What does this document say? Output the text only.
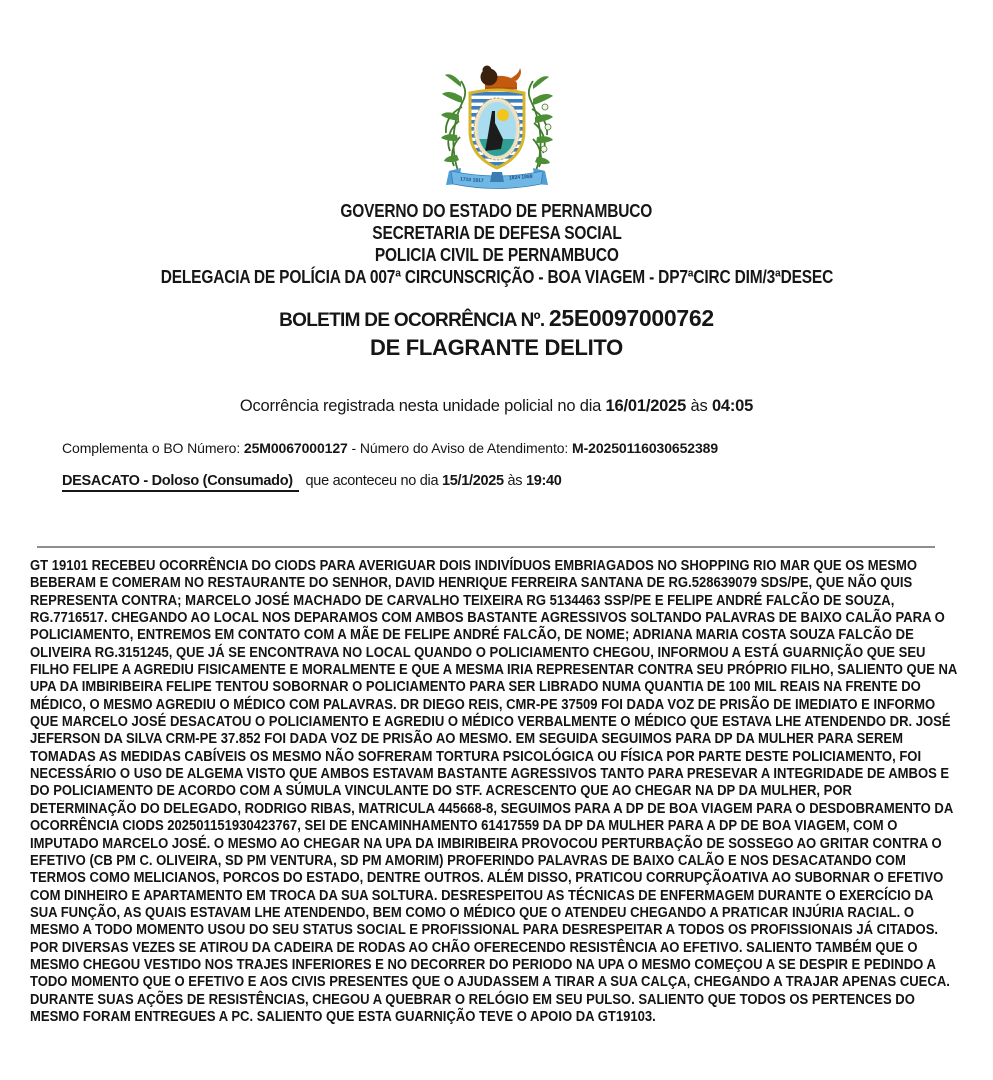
1710 1817	1824 1889
GOVERNO DO ESTADO DE PERNAMBUCO
SECRETARIA DE DEFESA SOCIAL
POLICIA CIVIL DE PERNAMBUCO
DELEGACIA DE POLÍCIA DA 007ª CIRCUNSCRIÇÃO - BOA VIAGEM - DP7ªCIRC DIM/3ªDESEC
BOLETIM DE OCORRÊNCIA Nº. 25E0097000762
DE FLAGRANTE DELITO
Ocorrência registrada nesta unidade policial no dia 16/01/2025 às 04:05
Complementa o BO Número: 25M0067000127 - Número do Aviso de Atendimento: M-20250116030652389
DESACATO - Doloso (Consumado) que aconteceu no dia 15/1/2025 às 19:40
GT 19101 RECEBEU OCORRÊNCIA DO CIODS PARA AVERIGUAR DOIS INDIVÍDUOS EMBRIAGADOS NO SHOPPING RIO MAR QUE OS MESMO BEBERAM E COMERAM NO RESTAURANTE DO SENHOR, DAVID HENRIQUE FERREIRA SANTANA DE RG.528639079 SDS/PE, QUE NÃO QUIS REPRESENTA CONTRA; MARCELO JOSÉ MACHADO DE CARVALHO TEIXEIRA RG 5134463 SSP/PE E FELIPE ANDRÉ FALCÃO DE SOUZA, RG.7716517. CHEGANDO AO LOCAL NOS DEPARAMOS COM AMBOS BASTANTE AGRESSIVOS SOLTANDO PALAVRAS DE BAIXO CALÃO PARA O POLICIAMENTO, ENTREMOS EM CONTATO COM A MÃE DE FELIPE ANDRÉ FALCÃO, DE NOME; ADRIANA MARIA COSTA SOUZA FALCÃO DE OLIVEIRA RG.3151245, QUE JÁ SE ENCONTRAVA NO LOCAL QUANDO O POLICIAMENTO CHEGOU, INFORMOU A ESTÁ GUARNIÇÃO QUE SEU FILHO FELIPE A AGREDIU FISICAMENTE E MORALMENTE E QUE A MESMA IRIA REPRESENTAR CONTRA SEU PRÓPRIO FILHO, SALIENTO QUE NA UPA DA IMBIRIBEIRA FELIPE TENTOU SOBORNAR O POLICIAMENTO PARA SER LIBRADO NUMA QUANTIA DE 100 MIL REAIS NA FRENTE DO MÉDICO, O MESMO AGREDIU O MÉDICO COM PALAVRAS. DR DIEGO REIS, CMR-PE 37509 FOI DADA VOZ DE PRISÃO DE IMEDIATO E INFORMO QUE MARCELO JOSÉ DESACATOU O POLICIAMENTO E AGREDIU O MÉDICO VERBALMENTE O MÉDICO QUE ESTAVA LHE ATENDENDO DR. JOSÉ JEFERSON DA SILVA CRM-PE 37.852 FOI DADA VOZ DE PRISÃO AO MESMO. EM SEGUIDA SEGUIMOS PARA DP DA MULHER PARA SEREM TOMADAS AS MEDIDAS CABÍVEIS OS MESMO NÃO SOFRERAM TORTURA PSICOLÓGICA OU FÍSICA POR PARTE DESTE POLICIAMENTO, FOI NECESSÁRIO O USO DE ALGEMA VISTO QUE AMBOS ESTAVAM BASTANTE AGRESSIVOS TANTO PARA PRESEVAR A INTEGRIDADE DE AMBOS E DO POLICIAMENTO DE ACORDO COM A SÚMULA VINCULANTE DO STF. ACRESCENTO QUE AO CHEGAR NA DP DA MULHER, POR DETERMINAÇÃO DO DELEGADO, RODRIGO RIBAS, MATRICULA 445668-8, SEGUIMOS PARA A DP DE BOA VIAGEM PARA O DESDOBRAMENTO DA OCORRÊNCIA CIODS 202501151930423767, SEI DE ENCAMINHAMENTO 61417559 DA DP DA MULHER PARA A DP DE BOA VIAGEM, COM O IMPUTADO MARCELO JOSÉ. O MESMO AO CHEGAR NA UPA DA IMBIRIBEIRA PROVOCOU PERTURBAÇÃO DE SOSSEGO AO GRITAR CONTRA O EFETIVO (CB PM C. OLIVEIRA, SD PM VENTURA, SD PM AMORIM) PROFERINDO PALAVRAS DE BAIXO CALÃO E NOS DESACATANDO COM TERMOS COMO MELICIANOS, PORCOS DO ESTADO, DENTRE OUTROS. ALÉM DISSO, PRATICOU CORRUPÇÃOATIVA AO SUBORNAR O EFETIVO COM DINHEIRO E APARTAMENTO EM TROCA DA SUA SOLTURA. DESRESPEITOU AS TÉCNICAS DE ENFERMAGEM DURANTE O EXERCÍCIO DA SUA FUNÇÃO, AS QUAIS ESTAVAM LHE ATENDENDO, BEM COMO O MÉDICO QUE O ATENDEU CHEGANDO A PRATICAR INJÚRIA RACIAL. O MESMO A TODO MOMENTO USOU DO SEU STATUS SOCIAL E PROFISSIONAL PARA DESRESPEITAR A TODOS OS PROFISSIONAIS JÁ CITADOS. POR DIVERSAS VEZES SE ATIROU DA CADEIRA DE RODAS AO CHÃO OFERECENDO RESISTÊNCIA AO EFETIVO. SALIENTO TAMBÉM QUE O MESMO CHEGOU VESTIDO NOS TRAJES INFERIORES E NO DECORRER DO PERIODO NA UPA O MESMO COMEÇOU A SE DESPIR E PEDINDO A TODO MOMENTO QUE O EFETIVO E AOS CIVIS PRESENTES QUE O AJUDASSEM A TIRAR A SUA CALÇA, CHEGANDO A TRAJAR APENAS CUECA. DURANTE SUAS AÇÕES DE RESISTÊNCIAS, CHEGOU A QUEBRAR O RELÓGIO EM SEU PULSO. SALIENTO QUE TODOS OS PERTENCES DO MESMO FORAM ENTREGUES A PC. SALIENTO QUE ESTA GUARNIÇÃO TEVE O APOIO DA GT19103.
